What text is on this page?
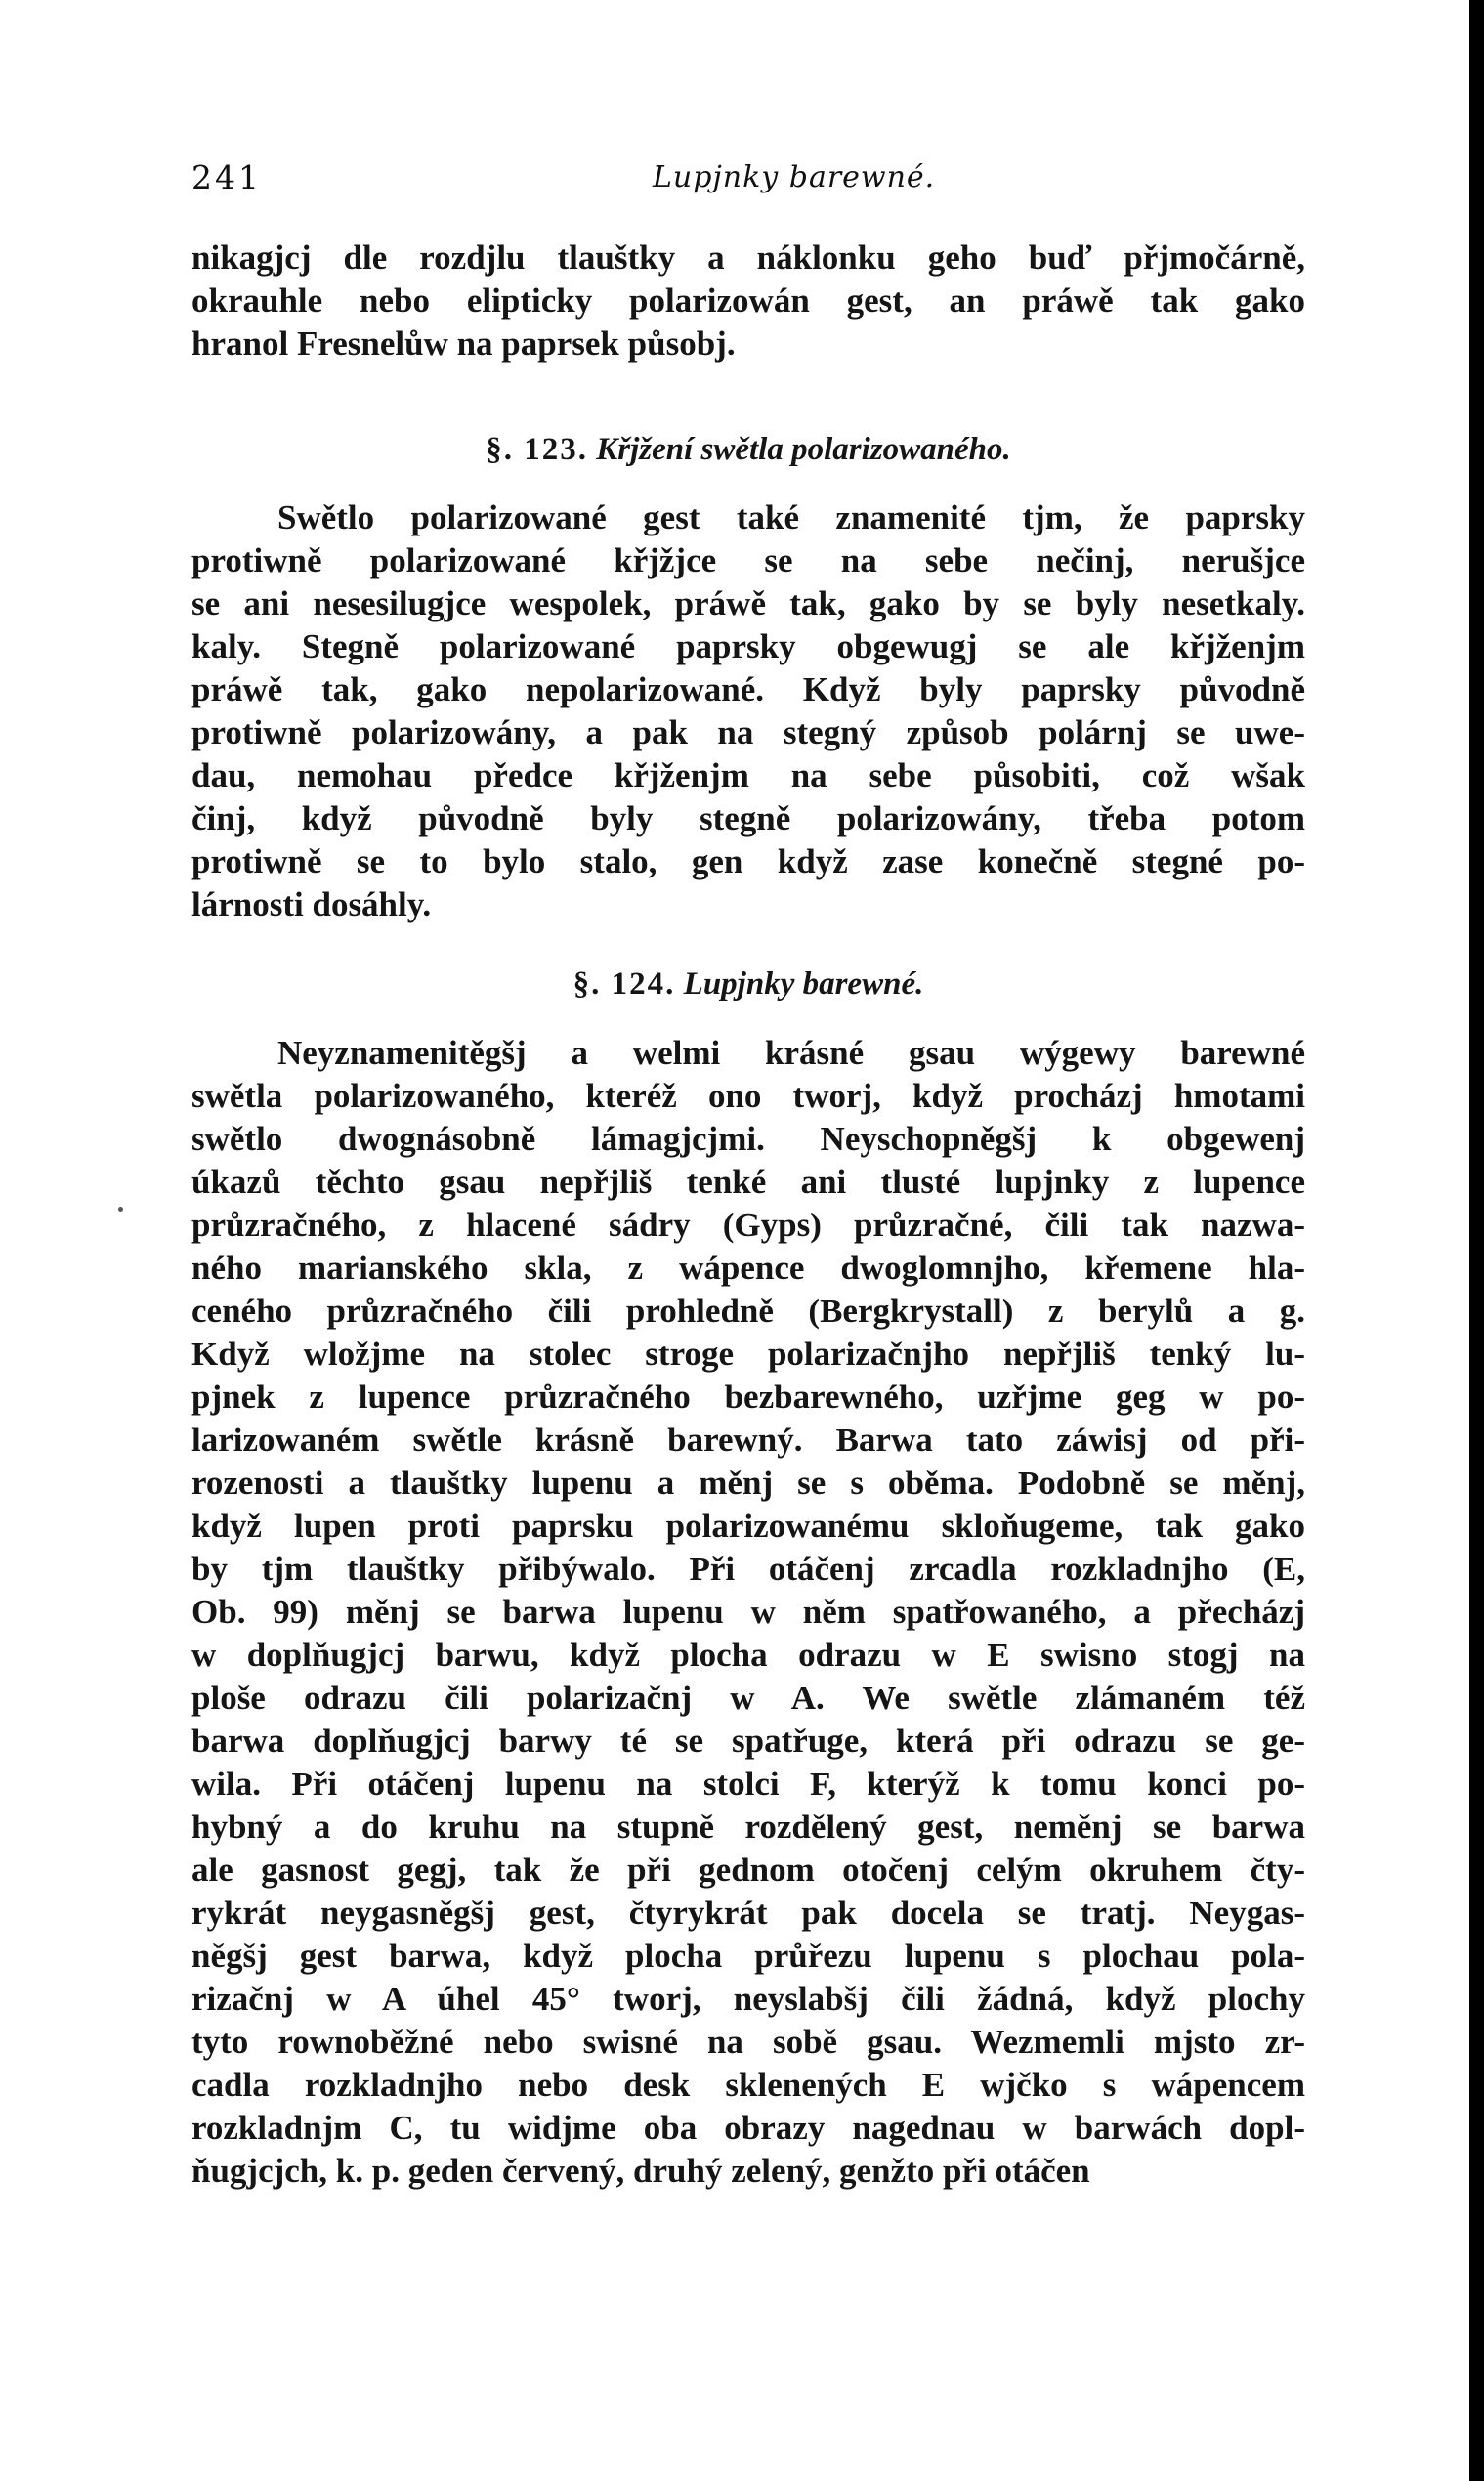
241	Lupjnky barewné.
nikagjcj dle rozdjlu tlauštky a náklonku geho buď přjmočárně,
okrauhle nebo elipticky polarizowán gest, an práwě tak gako
hranol Fresnelůw na paprsek působj.
§. 123. Křjžení swětla polarizowaného.
Swětlo polarizowané gest také znamenité tjm, že paprsky
protiwně polarizowané křjžjce se na sebe nečinj, nerušjce
se ani nesesilugjce wespolek, práwě tak, gako by se byly nesetkaly.
kaly. Stegně polarizowané paprsky obgewugj se ale křjženjm
práwě tak, gako nepolarizowané. Když byly paprsky původně
protiwně polarizowány, a pak na stegný způsob polárnj se uwe-
dau, nemohau předce křjženjm na sebe působiti, což wšak
činj, když původně byly stegně polarizowány, třeba potom
protiwně se to bylo stalo, gen když zase konečně stegné po-
lárnosti dosáhly.
§. 124. Lupjnky barewné.
Neyznamenitěgšj a welmi krásné gsau wýgewy barewné
swětla polarizowaného, kteréž ono tworj, když procházj hmotami
swětlo dwognásobně lámagjcjmi. Neyschopněgšj k obgewenj
úkazů těchto gsau nepřjliš tenké ani tlusté lupjnky z lupence
průzračného, z hlacené sádry (Gyps) průzračné, čili tak nazwa-
ného marianského skla, z wápence dwoglomnjho, křemene hla-
ceného průzračného čili prohledně (Bergkrystall) z berylů a g.
Když wložjme na stolec stroge polarizačnjho nepřjliš tenký lu-
pjnek z lupence průzračného bezbarewného, uzřjme geg w po-
larizowaném swětle krásně barewný. Barwa tato záwisj od při-
rozenosti a tlauštky lupenu a měnj se s oběma. Podobně se měnj,
když lupen proti paprsku polarizowanému skloňugeme, tak gako
by tjm tlauštky přibýwalo. Při otáčenj zrcadla rozkladnjho (E,
Ob. 99) měnj se barwa lupenu w něm spatřowaného, a přecházj
w doplňugjcj barwu, když plocha odrazu w E swisno stogj na
ploše odrazu čili polarizačnj w A. We swětle zlámaném též
barwa doplňugjcj barwy té se spatřuge, která při odrazu se ge-
wila. Při otáčenj lupenu na stolci F, kterýž k tomu konci po-
hybný a do kruhu na stupně rozdělený gest, neměnj se barwa
ale gasnost gegj, tak že při gednom otočenj celým okruhem čty-
rykrát neygasněgšj gest, čtyrykrát pak docela se tratj. Neygas-
něgšj gest barwa, když plocha průřezu lupenu s plochau pola-
rizačnj w A úhel 45° tworj, neyslabšj čili žádná, když plochy
tyto rownoběžné nebo swisné na sobě gsau. Wezmemli mjsto zr-
cadla rozkladnjho nebo desk sklenených E wjčko s wápencem
rozkladnjm C, tu widjme oba obrazy nagednau w barwách dopl-
ňugjcjch, k. p. geden červený, druhý zelený, genžto při otáčen
